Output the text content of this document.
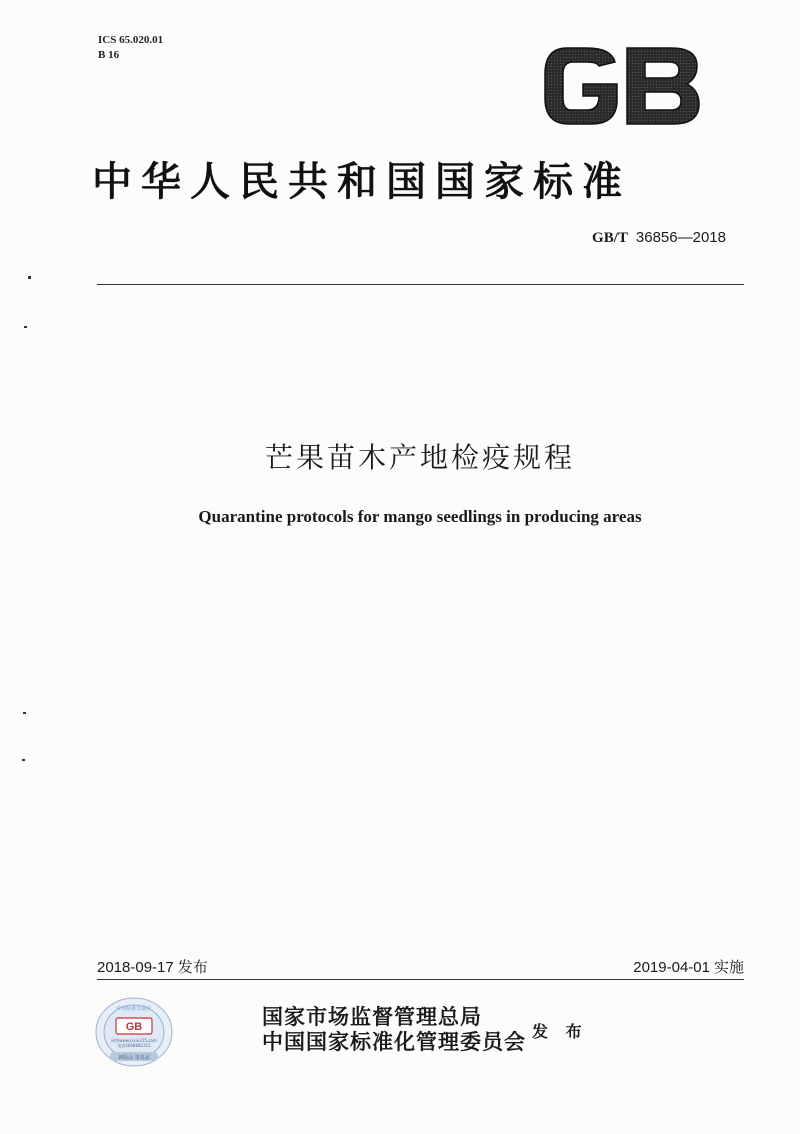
ICS 65.020.01
B 16
GB
中华人民共和国国家标准
GB/T 36856—2018
芒果苗木产地检疫规程
Quarantine protocols for mango seedlings in producing areas
2018-09-17 发布	2019-04-01 实施
GB
网络www.Lixiu315.com
电话4008682315
新版品 量真品
中国标准出版社	国家市场监督管理总局
中国国家标准化管理委员会 发 布
